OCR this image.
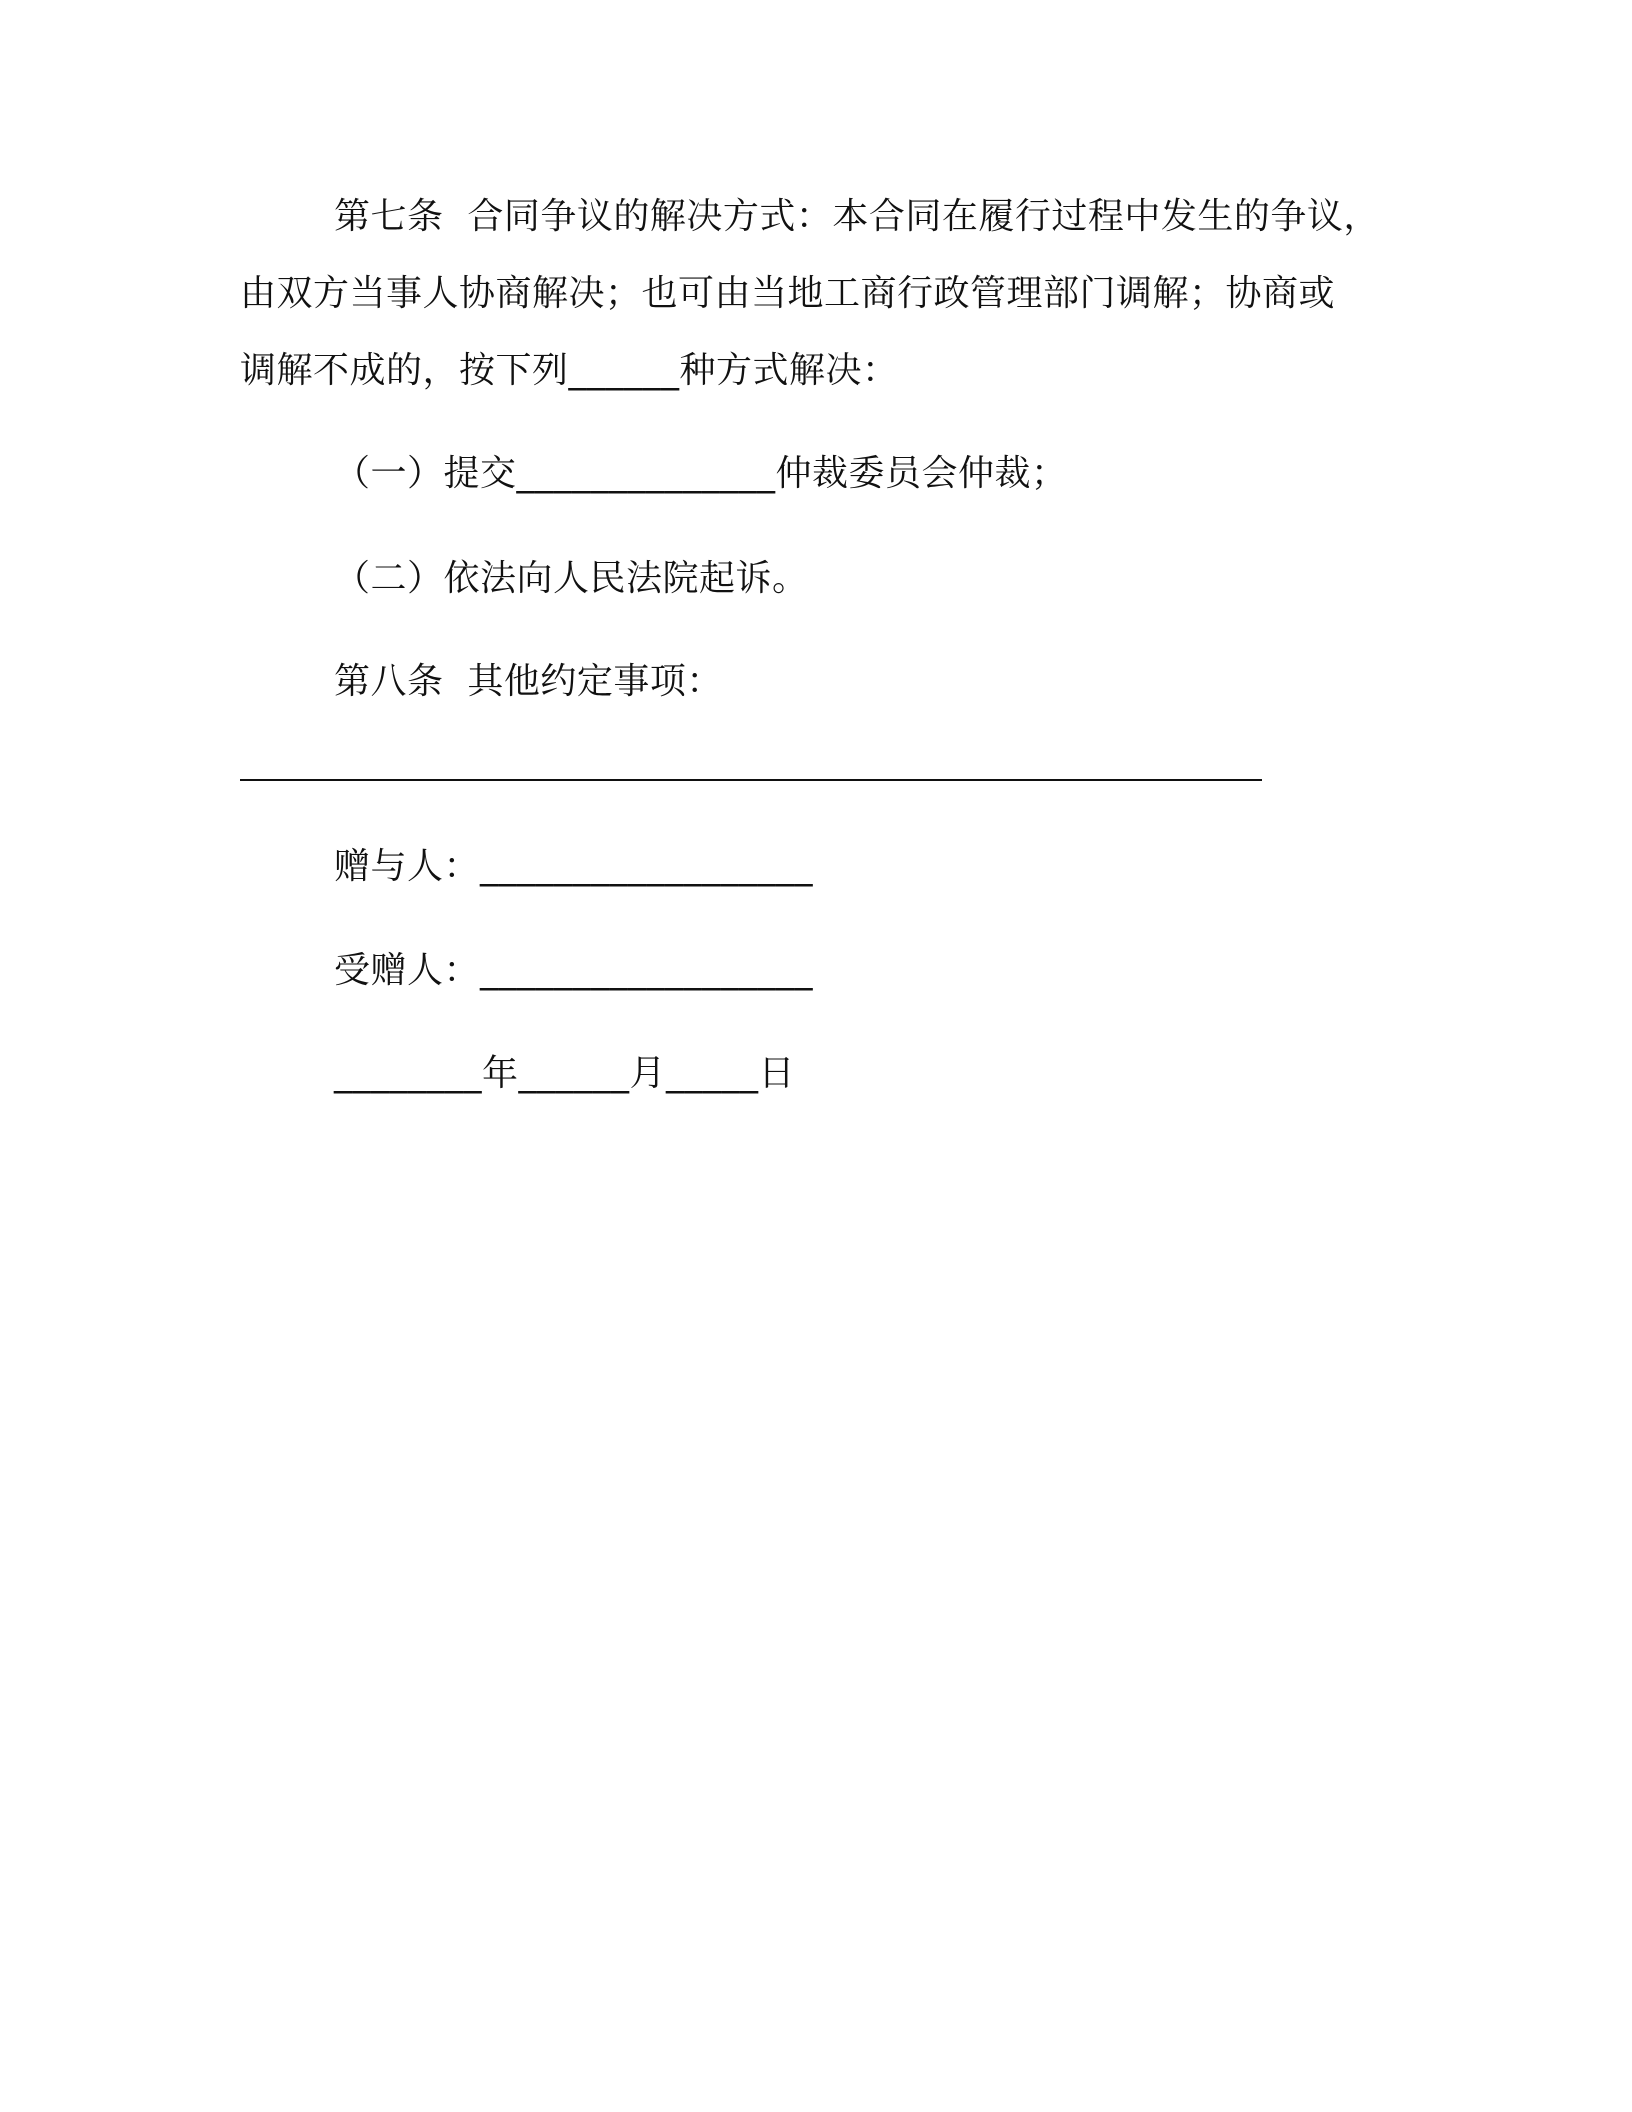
第七条  合同争议的解决方式：本合同在履行过程中发生的争议，
由双方当事人协商解决；也可由当地工商行政管理部门调解；协商或
调解不成的，按下列______种方式解决：
（一）提交______________仲裁委员会仲裁；
（二）依法向人民法院起诉。
第八条  其他约定事项：
赠与人：__________________
受赠人：__________________
________年______月_____日
